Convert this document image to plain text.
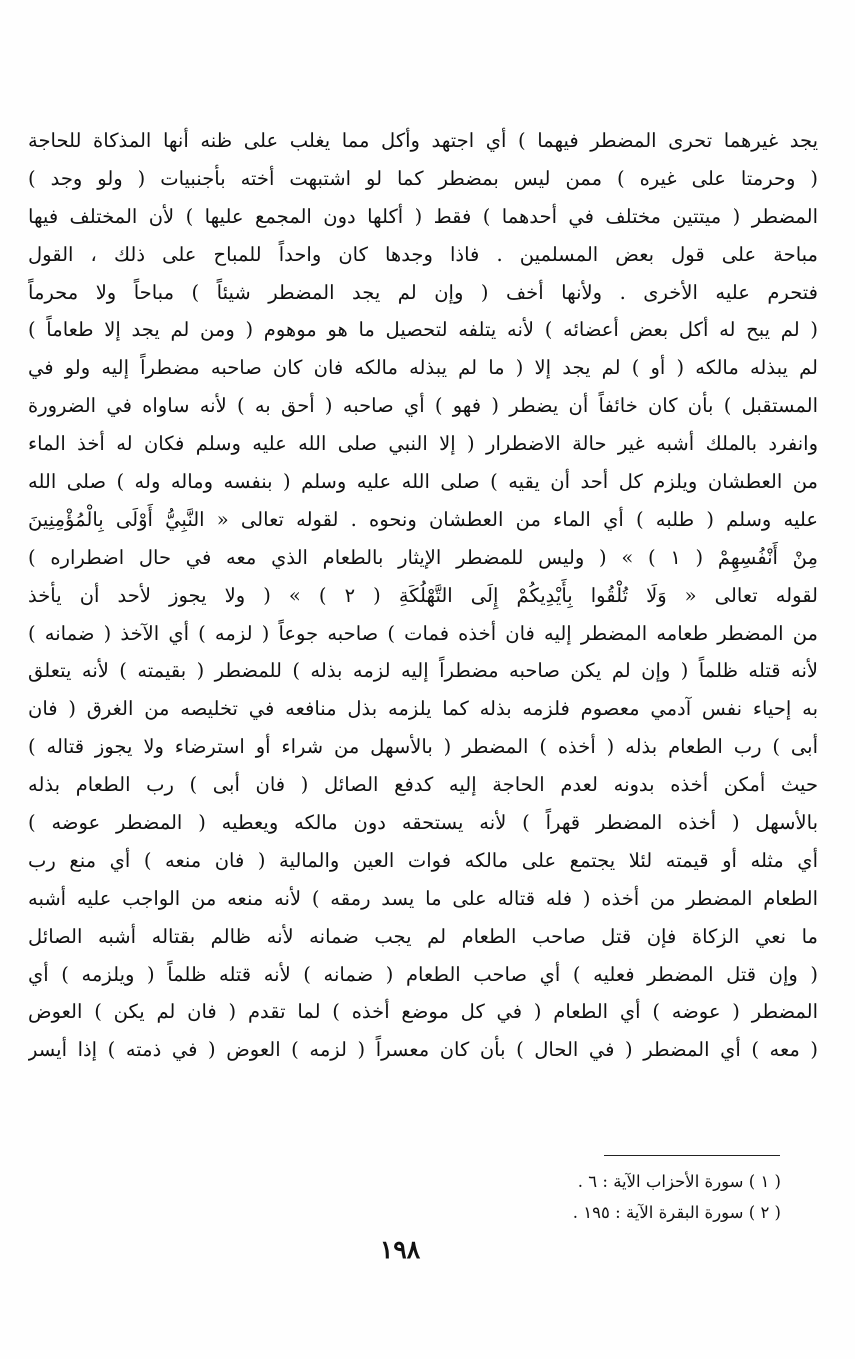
يجد غيرهما تحرى المضطر فيهما ) أي اجتهد وأكل مما يغلب على ظنه أنها المذكاة للحاجة
( وحرمتا على غيره ) ممن ليس بمضطر كما لو اشتبهت أخته بأجنبيات ( ولو وجد )
المضطر ( ميتتين مختلف في أحدهما ) فقط ( أكلها دون المجمع عليها ) لأن المختلف فيها
مباحة على قول بعض المسلمين . فاذا وجدها كان واحداً للمباح على ذلك ، القول
فتحرم عليه الأخرى . ولأنها أخف ( وإن لم يجد المضطر شيئاً ) مباحاً ولا محرماً
( لم يبح له أكل بعض أعضائه ) لأنه يتلفه لتحصيل ما هو موهوم ( ومن لم يجد إلا طعاماً )
لم يبذله مالكه ( أو ) لم يجد إلا ( ما لم يبذله مالكه فان كان صاحبه مضطراً إليه ولو في
المستقبل ) بأن كان خائفاً أن يضطر ( فهو ) أي صاحبه ( أحق به ) لأنه ساواه في الضرورة
وانفرد بالملك أشبه غير حالة الاضطرار ( إلا النبي صلى الله عليه وسلم فكان له أخذ الماء
من العطشان ويلزم كل أحد أن يقيه ) صلى الله عليه وسلم ( بنفسه وماله وله ) صلى الله
عليه وسلم ( طلبه ) أي الماء من العطشان ونحوه . لقوله تعالى « النَّبِيُّ أَوْلَى بِالْمُؤْمِنِينَ
مِنْ أَنْفُسِهِمْ ( ١ ) » ( وليس للمضطر الإيثار بالطعام الذي معه في حال اضطراره )
لقوله تعالى « وَلَا تُلْقُوا بِأَيْدِيكُمْ إِلَى التَّهْلُكَةِ ( ٢ ) » ( ولا يجوز لأحد أن يأخذ
من المضطر طعامه المضطر إليه فان أخذه فمات ) صاحبه جوعاً ( لزمه ) أي الآخذ ( ضمانه )
لأنه قتله ظلماً ( وإن لم يكن صاحبه مضطراً إليه لزمه بذله ) للمضطر ( بقيمته ) لأنه يتعلق
به إحياء نفس آدمي معصوم فلزمه بذله كما يلزمه بذل منافعه في تخليصه من الغرق ( فان
أبى ) رب الطعام بذله ( أخذه ) المضطر ( بالأسهل من شراء أو استرضاء ولا يجوز قتاله )
حيث أمكن أخذه بدونه لعدم الحاجة إليه كدفع الصائل ( فان أبى ) رب الطعام بذله
بالأسهل ( أخذه المضطر قهراً ) لأنه يستحقه دون مالكه ويعطيه ( المضطر عوضه )
أي مثله أو قيمته لئلا يجتمع على مالكه فوات العين والمالية ( فان منعه ) أي منع رب
الطعام المضطر من أخذه ( فله قتاله على ما يسد رمقه ) لأنه منعه من الواجب عليه أشبه
ما نعي الزكاة فإن قتل صاحب الطعام لم يجب ضمانه لأنه ظالم بقتاله أشبه الصائل
( وإن قتل المضطر فعليه ) أي صاحب الطعام ( ضمانه ) لأنه قتله ظلماً ( ويلزمه ) أي
المضطر ( عوضه ) أي الطعام ( في كل موضع أخذه ) لما تقدم ( فان لم يكن ) العوض
( معه ) أي المضطر ( في الحال ) بأن كان معسراً ( لزمه ) العوض ( في ذمته ) إذا أيسر
( ١ ) سورة الأحزاب الآية : ٦ .
( ٢ ) سورة البقرة الآية : ١٩٥ .
١٩٨
